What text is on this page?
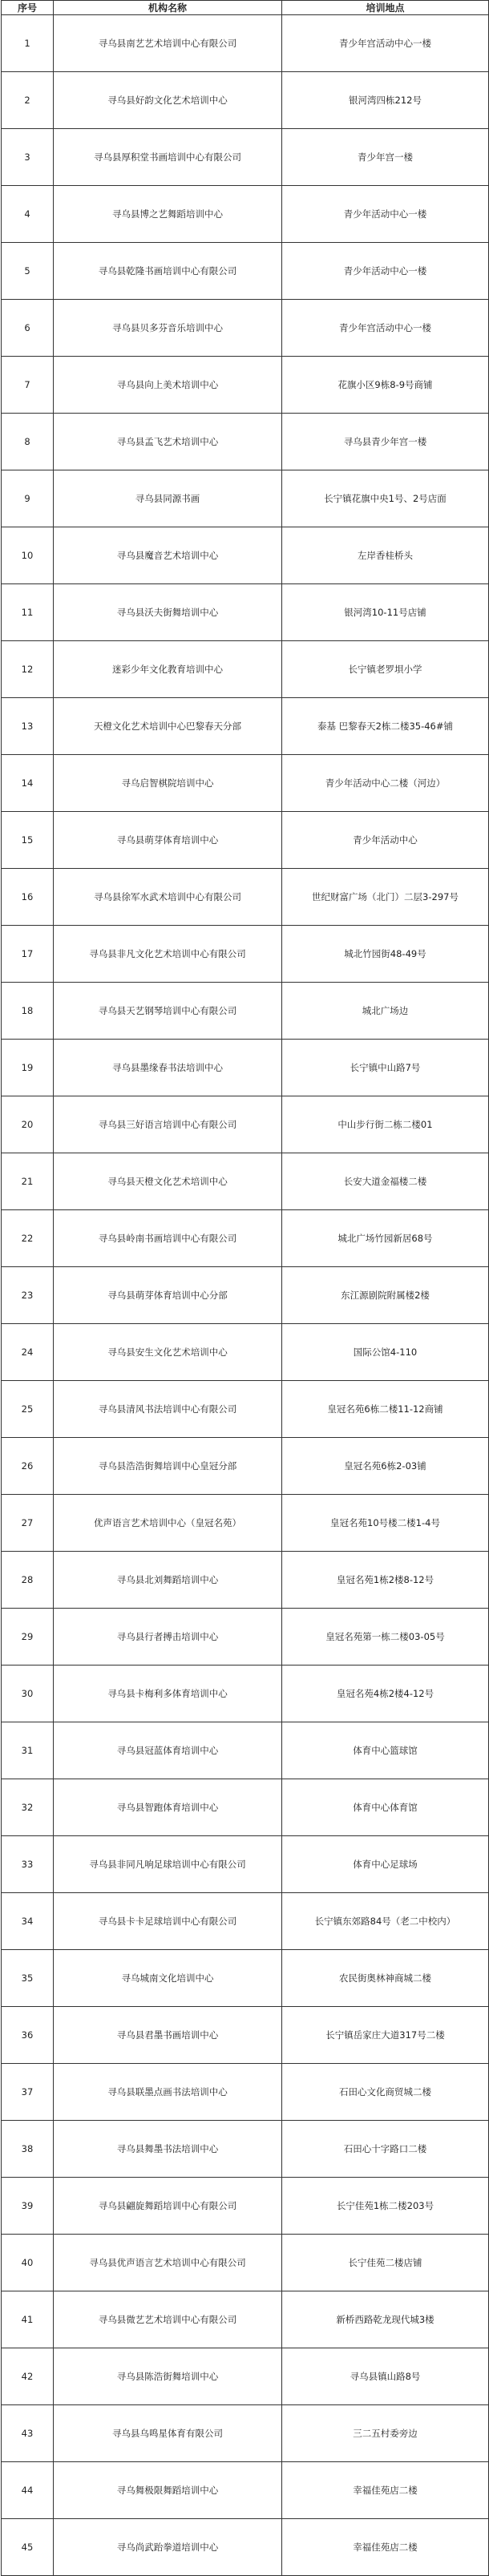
序号	机构名称	培训地点
1	寻乌县南艺艺术培训中心有限公司	青少年宫活动中心一楼
2	寻乌县好韵文化艺术培训中心	银河湾四栋212号
3	寻乌县厚积堂书画培训中心有限公司	青少年宫一楼
4	寻乌县博之艺舞蹈培训中心	青少年活动中心一楼
5	寻乌县乾隆书画培训中心有限公司	青少年活动中心一楼
6	寻乌县贝多芬音乐培训中心	青少年宫活动中心一楼
7	寻乌县向上美术培训中心	花旗小区9栋8-9号商铺
8	寻乌县孟飞艺术培训中心	寻乌县青少年宫一楼
9	寻乌县同源书画	长宁镇花旗中央1号、2号店面
10	寻乌县魔音艺术培训中心	左岸香桂桥头
11	寻乌县沃夫街舞培训中心	银河湾10-11号店铺
12	迷彩少年文化教育培训中心	长宁镇老罗垻小学
13	天橙文化艺术培训中心巴黎春天分部	泰基 巴黎春天2栋二楼35-46#铺
14	寻乌启智棋院培训中心	青少年活动中心二楼（河边）
15	寻乌县萌芽体育培训中心	青少年活动中心
16	寻乌县徐军水武术培训中心有限公司	世纪财富广场（北门）二层3-297号
17	寻乌县非凡文化艺术培训中心有限公司	城北竹园街48-49号
18	寻乌县天艺钢琴培训中心有限公司	城北广场边
19	寻乌县墨缘春书法培训中心	长宁镇中山路7号
20	寻乌县三好语言培训中心有限公司	中山步行街二栋二楼01
21	寻乌县天橙文化艺术培训中心	长安大道金福楼二楼
22	寻乌县岭南书画培训中心有限公司	城北广场竹园新居68号
23	寻乌县萌芽体育培训中心分部	东江源剧院附属楼2楼
24	寻乌县安生文化艺术培训中心	国际公馆4-110
25	寻乌县清风书法培训中心有限公司	皇冠名苑6栋二楼11-12商铺
26	寻乌县浩浩街舞培训中心皇冠分部	皇冠名苑6栋2-03铺
27	优声语言艺术培训中心（皇冠名苑）	皇冠名苑10号楼二楼1-4号
28	寻乌县北刘舞蹈培训中心	皇冠名苑1栋2楼8-12号
29	寻乌县行者搏击培训中心	皇冠名苑第一栋二楼03-05号
30	寻乌县卡梅利多体育培训中心	皇冠名苑4栋2楼4-12号
31	寻乌县冠蓝体育培训中心	体育中心篮球馆
32	寻乌县智跑体育培训中心	体育中心体育馆
33	寻乌县非同凡响足球培训中心有限公司	体育中心足球场
34	寻乌县卡卡足球培训中心有限公司	长宁镇东郊路84号（老二中校内）
35	寻乌城南文化培训中心	农民街奥林神商城二楼
36	寻乌县君墨书画培训中心	长宁镇岳家庄大道317号二楼
37	寻乌县联墨点画书法培训中心	石田心文化商贸城二楼
38	寻乌县舞墨书法培训中心	石田心十字路口二楼
39	寻乌县翩旋舞蹈培训中心有限公司	长宁佳苑1栋二楼203号
40	寻乌县优声语言艺术培训中心有限公司	长宁佳苑二楼店铺
41	寻乌县微艺艺术培训中心有限公司	新桥西路乾龙现代城3楼
42	寻乌县陈浩街舞培训中心	寻乌县镇山路8号
43	寻乌县乌鸣星体育有限公司	三二五村委旁边
44	寻乌舞极限舞蹈培训中心	幸福佳苑店二楼
45	寻乌尚武跆拳道培训中心	幸福佳苑店二楼
